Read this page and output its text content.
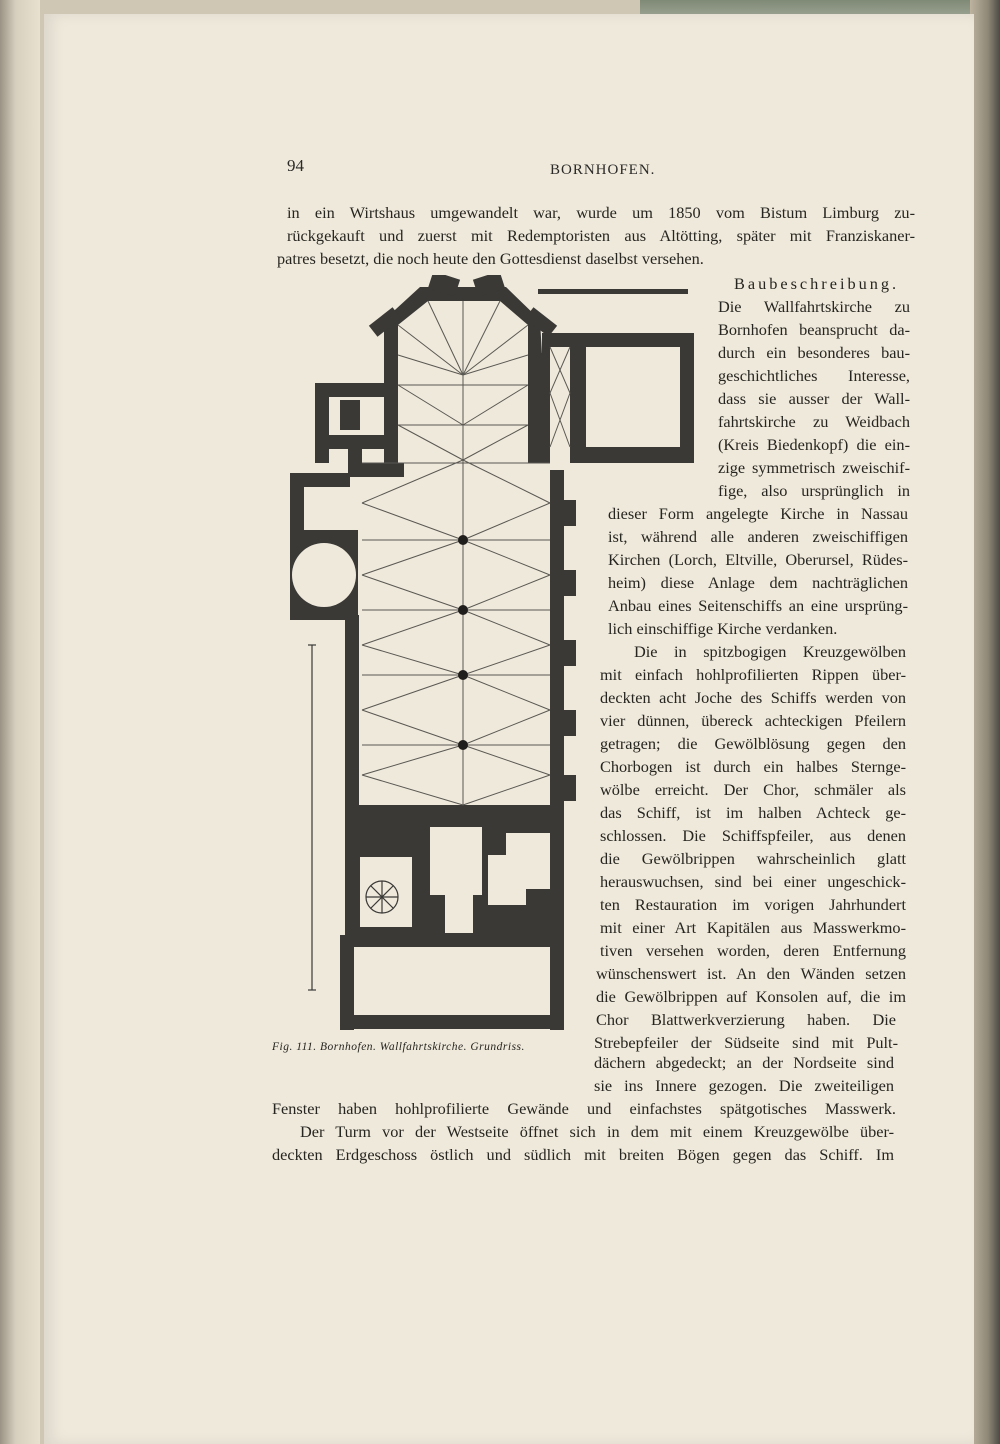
94	BORNHOFEN.
in ein Wirtshaus umgewandelt war, wurde um 1850 vom Bistum Limburg zu-
rückgekauft und zuerst mit Redemptoristen aus Altötting, später mit Franziskaner-
patres besetzt, die noch heute den Gottesdienst daselbst versehen.
Baubeschreibung.
Die Wallfahrtskirche zu
Bornhofen beansprucht da-
durch ein besonderes bau-
geschichtliches Interesse,
dass sie ausser der Wall-
fahrtskirche zu Weidbach
(Kreis Biedenkopf) die ein-
zige symmetrisch zweischif-
fige, also ursprünglich in
dieser Form angelegte Kirche in Nassau
ist, während alle anderen zweischiffigen
Kirchen (Lorch, Eltville, Oberursel, Rüdes-
heim) diese Anlage dem nachträglichen
Anbau eines Seitenschiffs an eine ursprüng-
lich einschiffige Kirche verdanken.
Die in spitzbogigen Kreuzgewölben
mit einfach hohlprofilierten Rippen über-
deckten acht Joche des Schiffs werden von
vier dünnen, übereck achteckigen Pfeilern
getragen; die Gewölblösung gegen den
Chorbogen ist durch ein halbes Sternge-
wölbe erreicht. Der Chor, schmäler als
das Schiff, ist im halben Achteck ge-
schlossen. Die Schiffspfeiler, aus denen
die Gewölbrippen wahrscheinlich glatt
herauswuchsen, sind bei einer ungeschick-
ten Restauration im vorigen Jahrhundert
mit einer Art Kapitälen aus Masswerkmo-
tiven versehen worden, deren Entfernung
wünschenswert ist. An den Wänden setzen
die Gewölbrippen auf Konsolen auf, die im
Chor Blattwerkverzierung haben. Die
Strebepfeiler der Südseite sind mit Pult-
dächern abgedeckt; an der Nordseite sind
sie ins Innere gezogen. Die zweiteiligen
Fig. 111. Bornhofen. Wallfahrtskirche. Grundriss.
Fenster haben hohlprofilierte Gewände und einfachstes spätgotisches Masswerk.
Der Turm vor der Westseite öffnet sich in dem mit einem Kreuzgewölbe über-
deckten Erdgeschoss östlich und südlich mit breiten Bögen gegen das Schiff. Im
